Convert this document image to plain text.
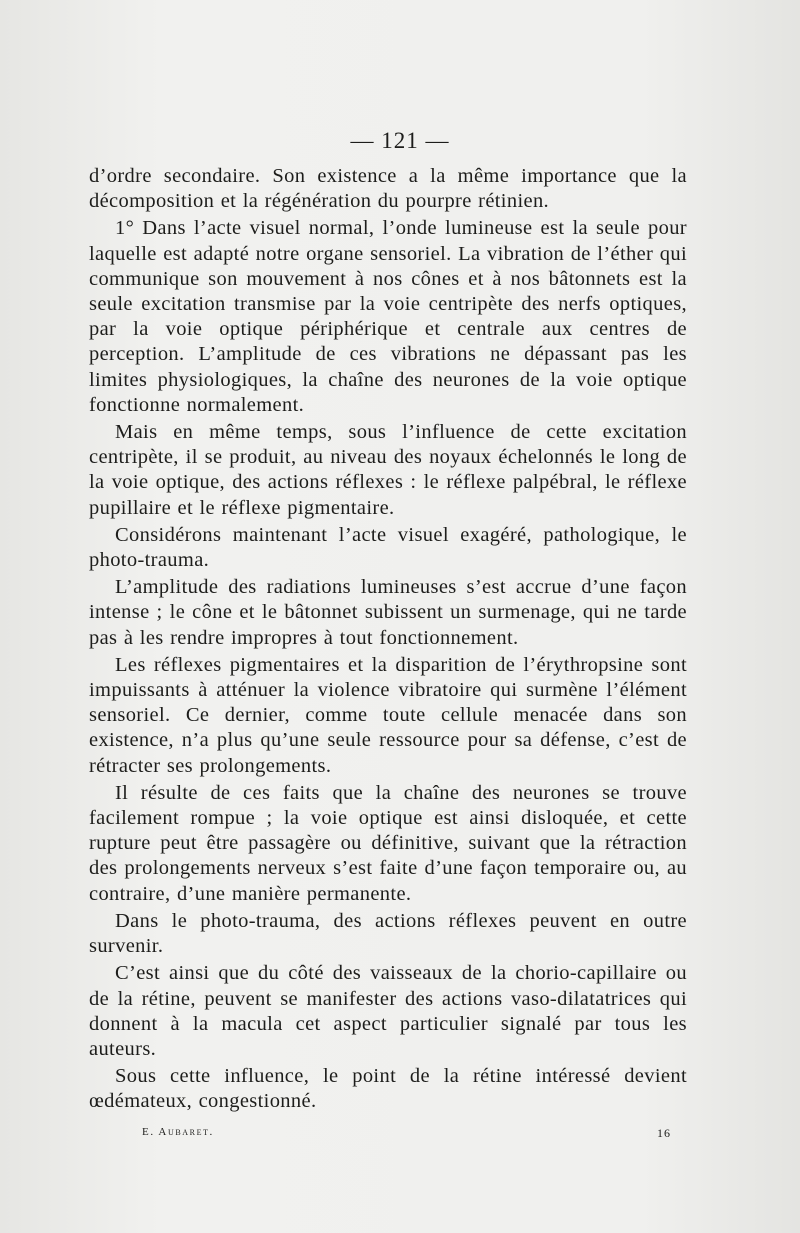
— 121 —

d’ordre secondaire. Son existence a la même importance que la décomposition et la régénération du pourpre rétinien.

1° Dans l’acte visuel normal, l’onde lumineuse est la seule pour laquelle est adapté notre organe sensoriel. La vibration de l’éther qui communique son mouvement à nos cônes et à nos bâtonnets est la seule excitation transmise par la voie centripète des nerfs optiques, par la voie optique périphérique et centrale aux centres de perception. L’amplitude de ces vibrations ne dépassant pas les limites physiologiques, la chaîne des neurones de la voie optique fonctionne normalement.

Mais en même temps, sous l’influence de cette excitation centripète, il se produit, au niveau des noyaux échelonnés le long de la voie optique, des actions réflexes : le réflexe palpébral, le réflexe pupillaire et le réflexe pigmentaire.

Considérons maintenant l’acte visuel exagéré, pathologique, le photo-trauma.

L’amplitude des radiations lumineuses s’est accrue d’une façon intense ; le cône et le bâtonnet subissent un surmenage, qui ne tarde pas à les rendre impropres à tout fonctionnement.

Les réflexes pigmentaires et la disparition de l’érythropsine sont impuissants à atténuer la violence vibratoire qui surmène l’élément sensoriel. Ce dernier, comme toute cellule menacée dans son existence, n’a plus qu’une seule ressource pour sa défense, c’est de rétracter ses prolongements.

Il résulte de ces faits que la chaîne des neurones se trouve facilement rompue ; la voie optique est ainsi disloquée, et cette rupture peut être passagère ou définitive, suivant que la rétraction des prolongements nerveux s’est faite d’une façon temporaire ou, au contraire, d’une manière permanente.

Dans le photo-trauma, des actions réflexes peuvent en outre survenir.

C’est ainsi que du côté des vaisseaux de la chorio-capillaire ou de la rétine, peuvent se manifester des actions vaso-dilatatrices qui donnent à la macula cet aspect particulier signalé par tous les auteurs.

Sous cette influence, le point de la rétine intéressé devient œdémateux, congestionné.

E. Aubaret.	16
